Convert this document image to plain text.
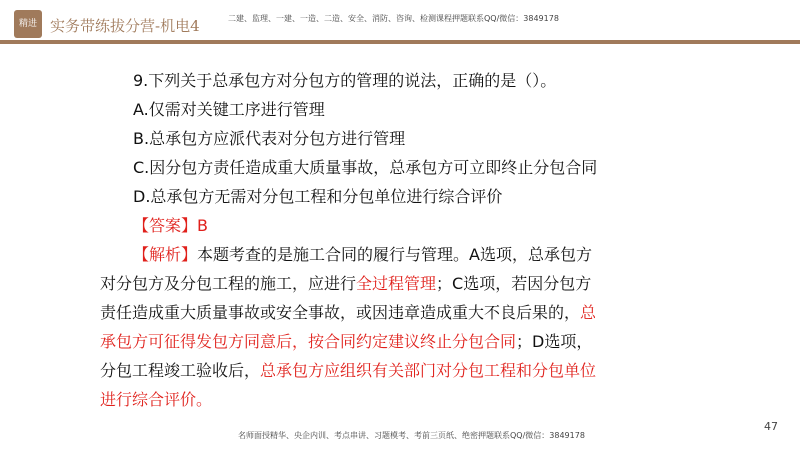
精进 实务带练拔分营-机电4	二建、监理、一建、一造、二造、安全、消防、咨询、检测课程押题联系QQ/微信：3849178
9.下列关于总承包方对分包方的管理的说法，正确的是（）。
A.仅需对关键工序进行管理
B.总承包方应派代表对分包方进行管理
C.因分包方责任造成重大质量事故，总承包方可立即终止分包合同
D.总承包方无需对分包工程和分包单位进行综合评价
【答案】B
【解析】本题考查的是施工合同的履行与管理。A选项，总承包方
对分包方及分包工程的施工，应进行全过程管理；C选项，若因分包方
责任造成重大质量事故或安全事故，或因违章造成重大不良后果的，总
承包方可征得发包方同意后，按合同约定建议终止分包合同；D选项，
分包工程竣工验收后，总承包方应组织有关部门对分包工程和分包单位
进行综合评价。
47
名师面授精华、央企内训、考点串讲、习题模考、考前三页纸、绝密押题联系QQ/微信：3849178
